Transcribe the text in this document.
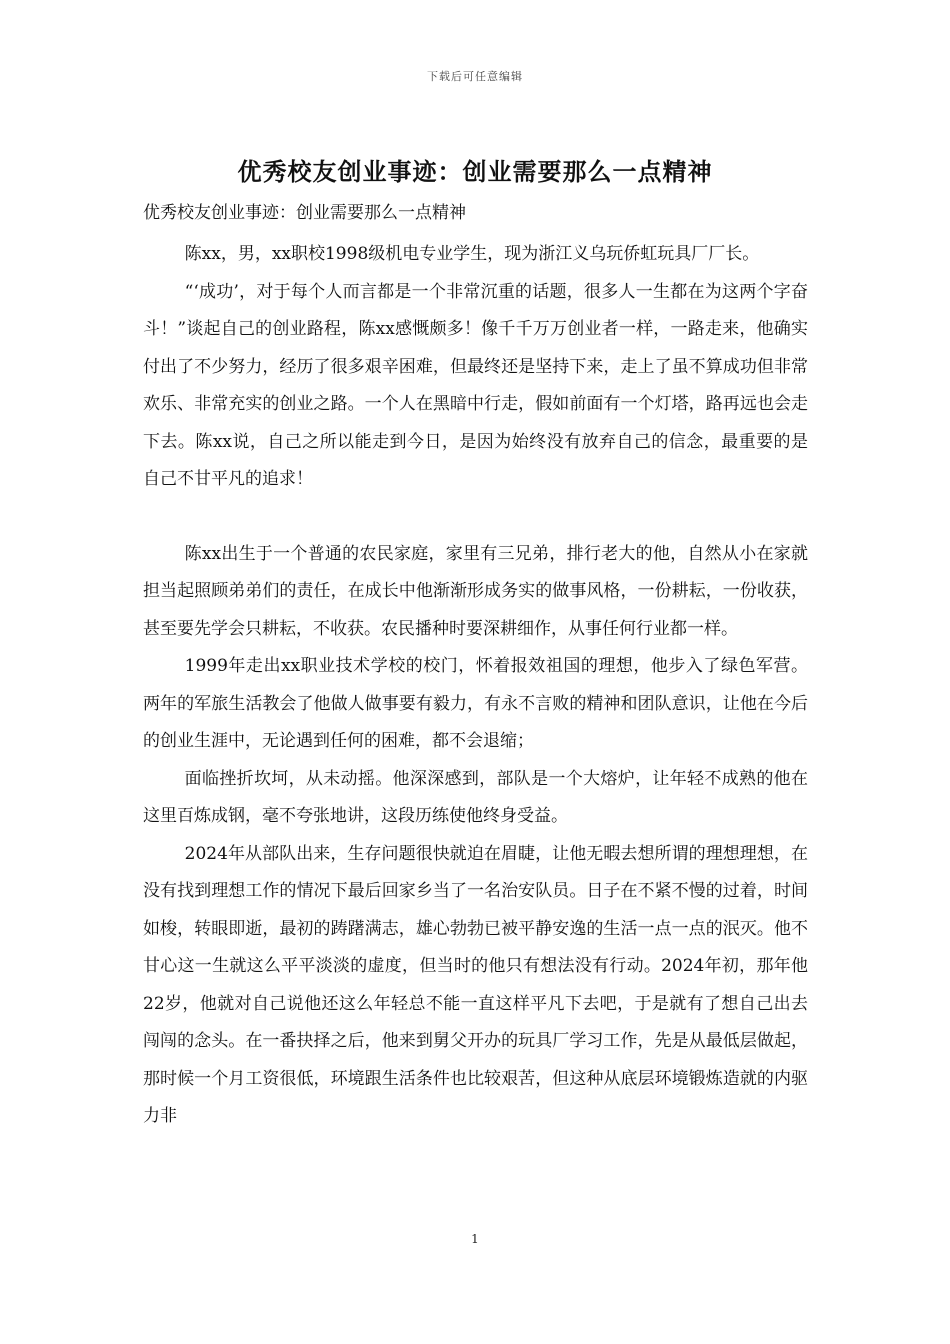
下载后可任意编辑
优秀校友创业事迹：创业需要那么一点精神

优秀校友创业事迹：创业需要那么一点精神

陈xx，男，xx职校1998级机电专业学生，现为浙江义乌玩侨虹玩具厂厂长。

“‘成功’，对于每个人而言都是一个非常沉重的话题，很多人一生都在为这两个字奋斗！”谈起自己的创业路程，陈xx感慨颇多！像千千万万创业者一样，一路走来，他确实付出了不少努力，经历了很多艰辛困难，但最终还是坚持下来，走上了虽不算成功但非常欢乐、非常充实的创业之路。一个人在黑暗中行走，假如前面有一个灯塔，路再远也会走下去。陈xx说，自己之所以能走到今日，是因为始终没有放弃自己的信念，最重要的是自己不甘平凡的追求！

陈xx出生于一个普通的农民家庭，家里有三兄弟，排行老大的他，自然从小在家就担当起照顾弟弟们的责任，在成长中他渐渐形成务实的做事风格，一份耕耘，一份收获，甚至要先学会只耕耘，不收获。农民播种时要深耕细作，从事任何行业都一样。

1999年走出xx职业技术学校的校门，怀着报效祖国的理想，他步入了绿色军营。两年的军旅生活教会了他做人做事要有毅力，有永不言败的精神和团队意识，让他在今后的创业生涯中，无论遇到任何的困难，都不会退缩；

面临挫折坎坷，从未动摇。他深深感到，部队是一个大熔炉，让年轻不成熟的他在这里百炼成钢，毫不夸张地讲，这段历练使他终身受益。

2024年从部队出来，生存问题很快就迫在眉睫，让他无暇去想所谓的理想理想，在没有找到理想工作的情况下最后回家乡当了一名治安队员。日子在不紧不慢的过着，时间如梭，转眼即逝，最初的踌躇满志，雄心勃勃已被平静安逸的生活一点一点的泯灭。他不甘心这一生就这么平平淡淡的虚度，但当时的他只有想法没有行动。2024年初，那年他22岁，他就对自己说他还这么年轻总不能一直这样平凡下去吧，于是就有了想自己出去闯闯的念头。在一番抉择之后，他来到舅父开办的玩具厂学习工作，先是从最低层做起，那时候一个月工资很低，环境跟生活条件也比较艰苦，但这种从底层环境锻炼造就的内驱力非

1
